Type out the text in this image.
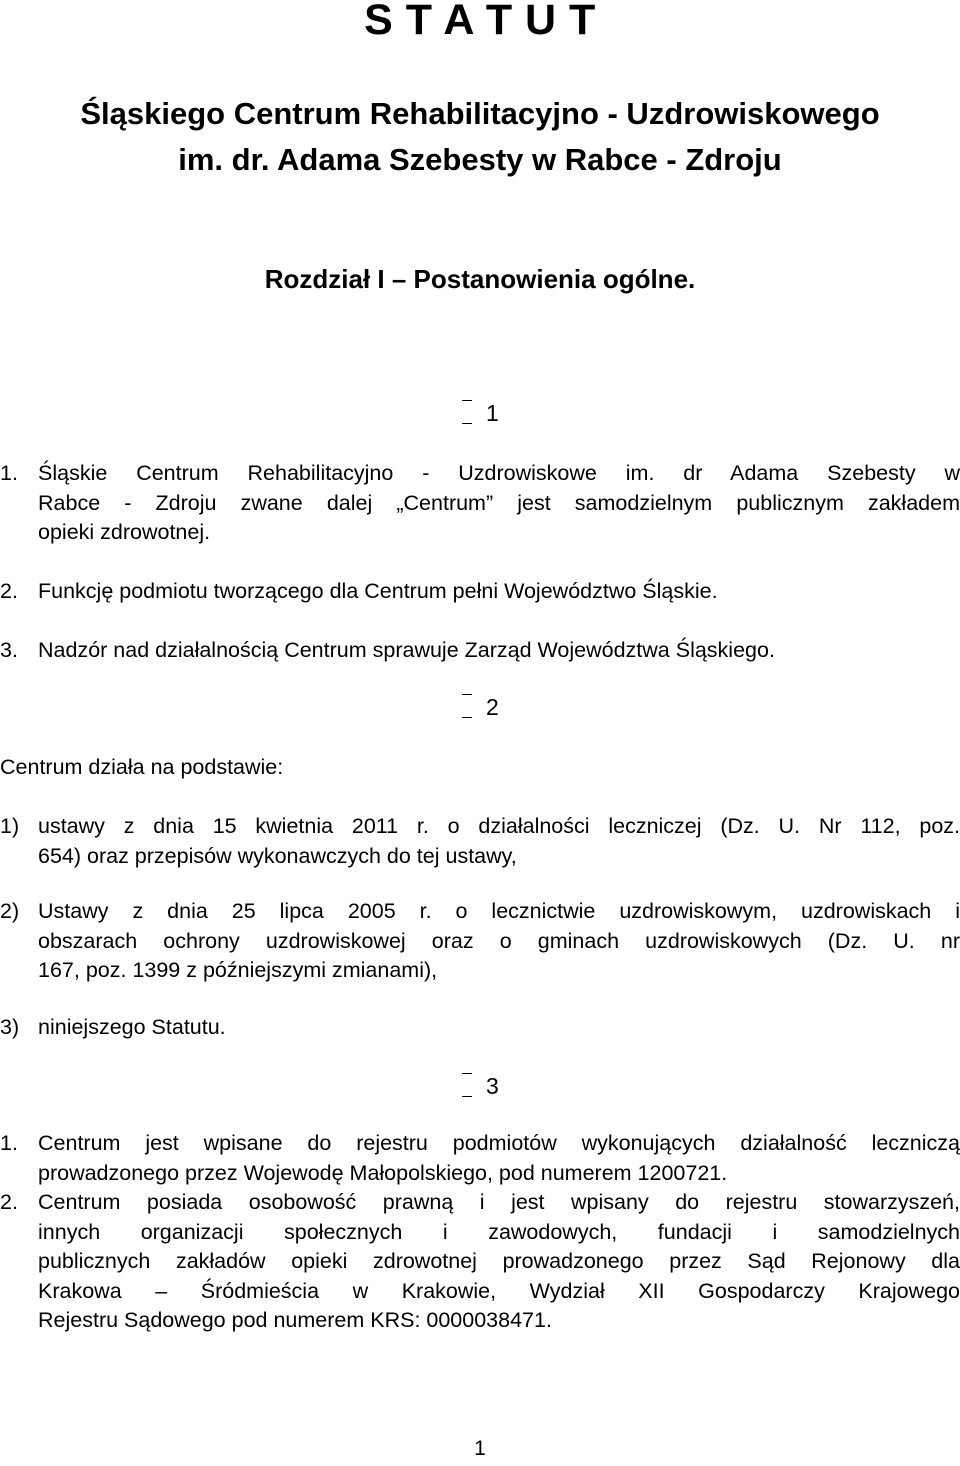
S T A T U T
Śląskiego Centrum Rehabilitacyjno - Uzdrowiskowego
im. dr. Adama Szebesty w Rabce - Zdroju
Rozdział I – Postanowienia ogólne.
1
1. Śląskie Centrum Rehabilitacyjno - Uzdrowiskowe im. dr Adama Szebesty w
Rabce - Zdroju zwane dalej „Centrum” jest samodzielnym publicznym zakładem
opieki zdrowotnej.
2. Funkcję podmiotu tworzącego dla Centrum pełni Województwo Śląskie.
3. Nadzór nad działalnością Centrum sprawuje Zarząd Województwa Śląskiego.
2
Centrum działa na podstawie:
1) ustawy z dnia 15 kwietnia 2011 r. o działalności leczniczej (Dz. U. Nr 112, poz.
654) oraz przepisów wykonawczych do tej ustawy,
2) Ustawy z dnia 25 lipca 2005 r. o lecznictwie uzdrowiskowym, uzdrowiskach i
obszarach ochrony uzdrowiskowej oraz o gminach uzdrowiskowych (Dz. U. nr
167, poz. 1399 z późniejszymi zmianami),
3) niniejszego Statutu.
3
1. Centrum jest wpisane do rejestru podmiotów wykonujących działalność leczniczą
prowadzonego przez Wojewodę Małopolskiego, pod numerem 1200721.
2. Centrum posiada osobowość prawną i jest wpisany do rejestru stowarzyszeń,
innych organizacji społecznych i zawodowych, fundacji i samodzielnych
publicznych zakładów opieki zdrowotnej prowadzonego przez Sąd Rejonowy dla
Krakowa – Śródmieścia w Krakowie, Wydział XII Gospodarczy Krajowego
Rejestru Sądowego pod numerem KRS: 0000038471.
1
